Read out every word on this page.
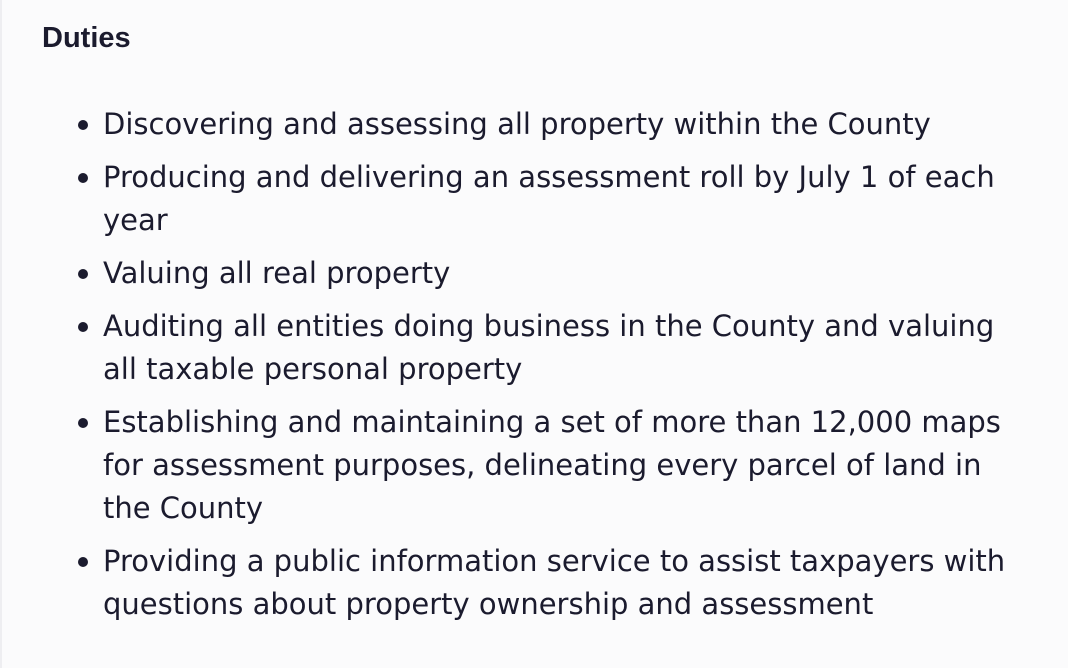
Duties
Discovering and assessing all property within the County
Producing and delivering an assessment roll by July 1 of each year
Valuing all real property
Auditing all entities doing business in the County and valuing all taxable personal property
Establishing and maintaining a set of more than 12,000 maps for assessment purposes, delineating every parcel of land in the County
Providing a public information service to assist taxpayers with questions about property ownership and assessment
